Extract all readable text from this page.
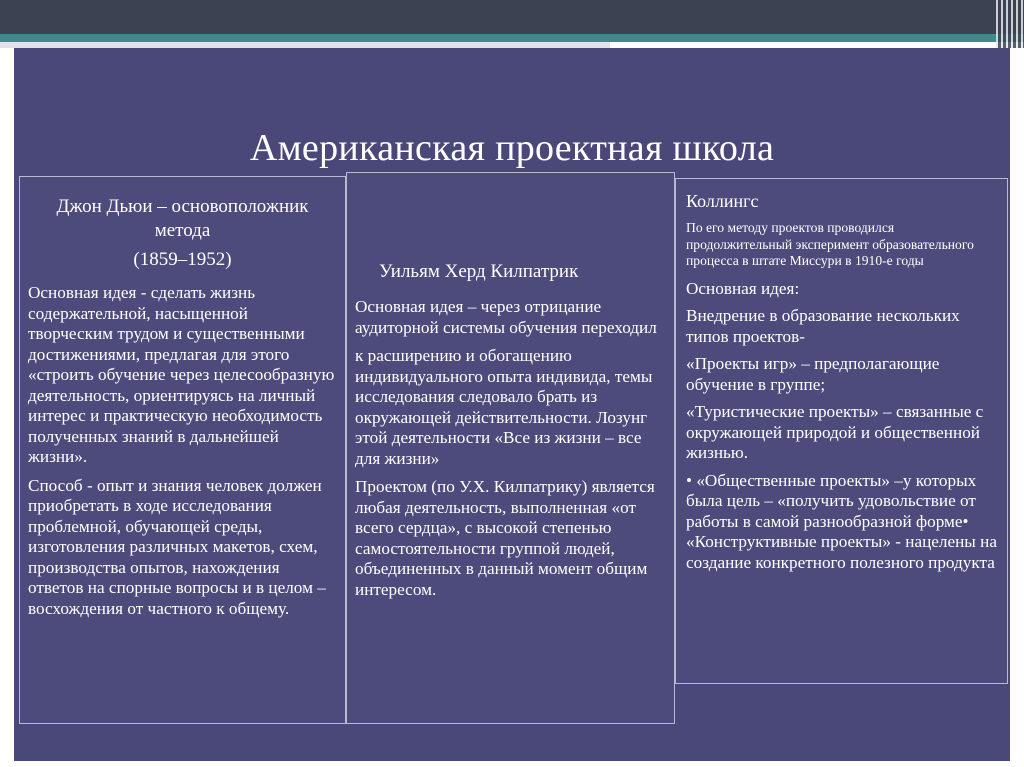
Американская проектная школа
Джон Дьюи – основоположник метода
(1859–1952)

Основная идея - сделать жизнь содержательной, насыщенной творческим трудом и существенными достижениями, предлагая для этого «строить обучение через целесообразную деятельность, ориентируясь на личный интерес и практическую необходимость полученных знаний в дальнейшей жизни».

Способ - опыт и знания человек должен приобретать в ходе исследования проблемной, обучающей среды, изготовления различных макетов, схем, производства опытов, нахождения ответов на спорные вопросы и в целом – восхождения от частного к общему.

Уильям Херд Килпатрик

Основная идея – через отрицание аудиторной системы обучения переходил

к расширению и обогащению индивидуального опыта индивида, темы исследования следовало брать из окружающей действительности. Лозунг этой деятельности «Все из жизни – все для жизни»

Проектом (по У.Х. Килпатрику) является любая деятельность, выполненная «от всего сердца», с высокой степенью самостоятельности группой людей, объединенных в данный момент общим интересом.

Коллингс
По его методу проектов проводился продолжительный эксперимент образовательного процесса в штате Миссури в 1910-е годы

Основная идея:

Внедрение в образование нескольких типов проектов-

«Проекты игр» – предполагающие обучение в группе;

«Туристические проекты» – связанные с окружающей природой и общественной жизнью.

• «Общественные проекты» –у которых была цель – «получить удовольствие от работы в самой разнообразной форме• «Конструктивные проекты» - нацелены на создание конкретного полезного продукта
